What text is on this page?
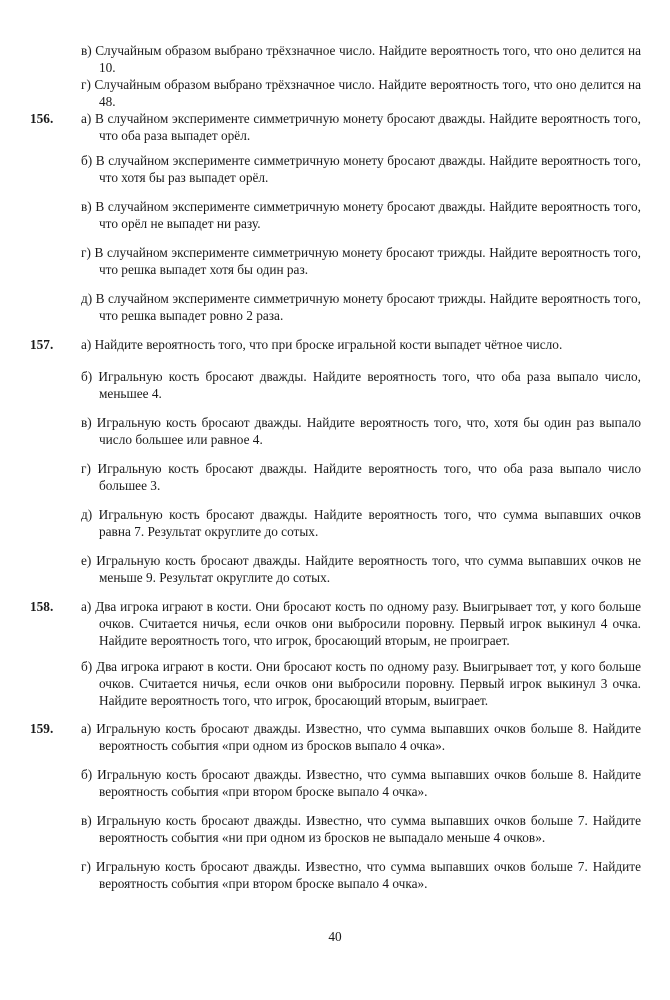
в) Случайным образом выбрано трёхзначное число. Найдите вероятность того, что оно делится на 10.
г) Случайным образом выбрано трёхзначное число. Найдите вероятность того, что оно делится на 48.
156. а) В случайном эксперименте симметричную монету бросают дважды. Найдите вероятность того, что оба раза выпадет орёл.
б) В случайном эксперименте симметричную монету бросают дважды. Найдите вероятность того, что хотя бы раз выпадет орёл.
в) В случайном эксперименте симметричную монету бросают дважды. Найдите вероятность того, что орёл не выпадет ни разу.
г) В случайном эксперименте симметричную монету бросают трижды. Найдите вероятность того, что решка выпадет хотя бы один раз.
д) В случайном эксперименте симметричную монету бросают трижды. Найдите вероятность того, что решка выпадет ровно 2 раза.
157. а) Найдите вероятность того, что при броске игральной кости выпадет чётное число.
б) Игральную кость бросают дважды. Найдите вероятность того, что оба раза выпало число, меньшее 4.
в) Игральную кость бросают дважды. Найдите вероятность того, что, хотя бы один раз выпало число большее или равное 4.
г) Игральную кость бросают дважды. Найдите вероятность того, что оба раза выпало число большее 3.
д) Игральную кость бросают дважды. Найдите вероятность того, что сумма выпавших очков равна 7. Результат округлите до сотых.
е) Игральную кость бросают дважды. Найдите вероятность того, что сумма выпавших очков не меньше 9. Результат округлите до сотых.
158. а) Два игрока играют в кости. Они бросают кость по одному разу. Выигрывает тот, у кого больше очков. Считается ничья, если очков они выбросили поровну. Первый игрок выкинул 4 очка. Найдите вероятность того, что игрок, бросающий вторым, не проиграет.
б) Два игрока играют в кости. Они бросают кость по одному разу. Выигрывает тот, у кого больше очков. Считается ничья, если очков они выбросили поровну. Первый игрок выкинул 3 очка. Найдите вероятность того, что игрок, бросающий вторым, выиграет.
159. а) Игральную кость бросают дважды. Известно, что сумма выпавших очков больше 8. Найдите вероятность события «при одном из бросков выпало 4 очка».
б) Игральную кость бросают дважды. Известно, что сумма выпавших очков больше 8. Найдите вероятность события «при втором броске выпало 4 очка».
в) Игральную кость бросают дважды. Известно, что сумма выпавших очков больше 7. Найдите вероятность события «ни при одном из бросков не выпадало меньше 4 очков».
г) Игральную кость бросают дважды. Известно, что сумма выпавших очков больше 7. Найдите вероятность события «при втором броске выпало 4 очка».
40
